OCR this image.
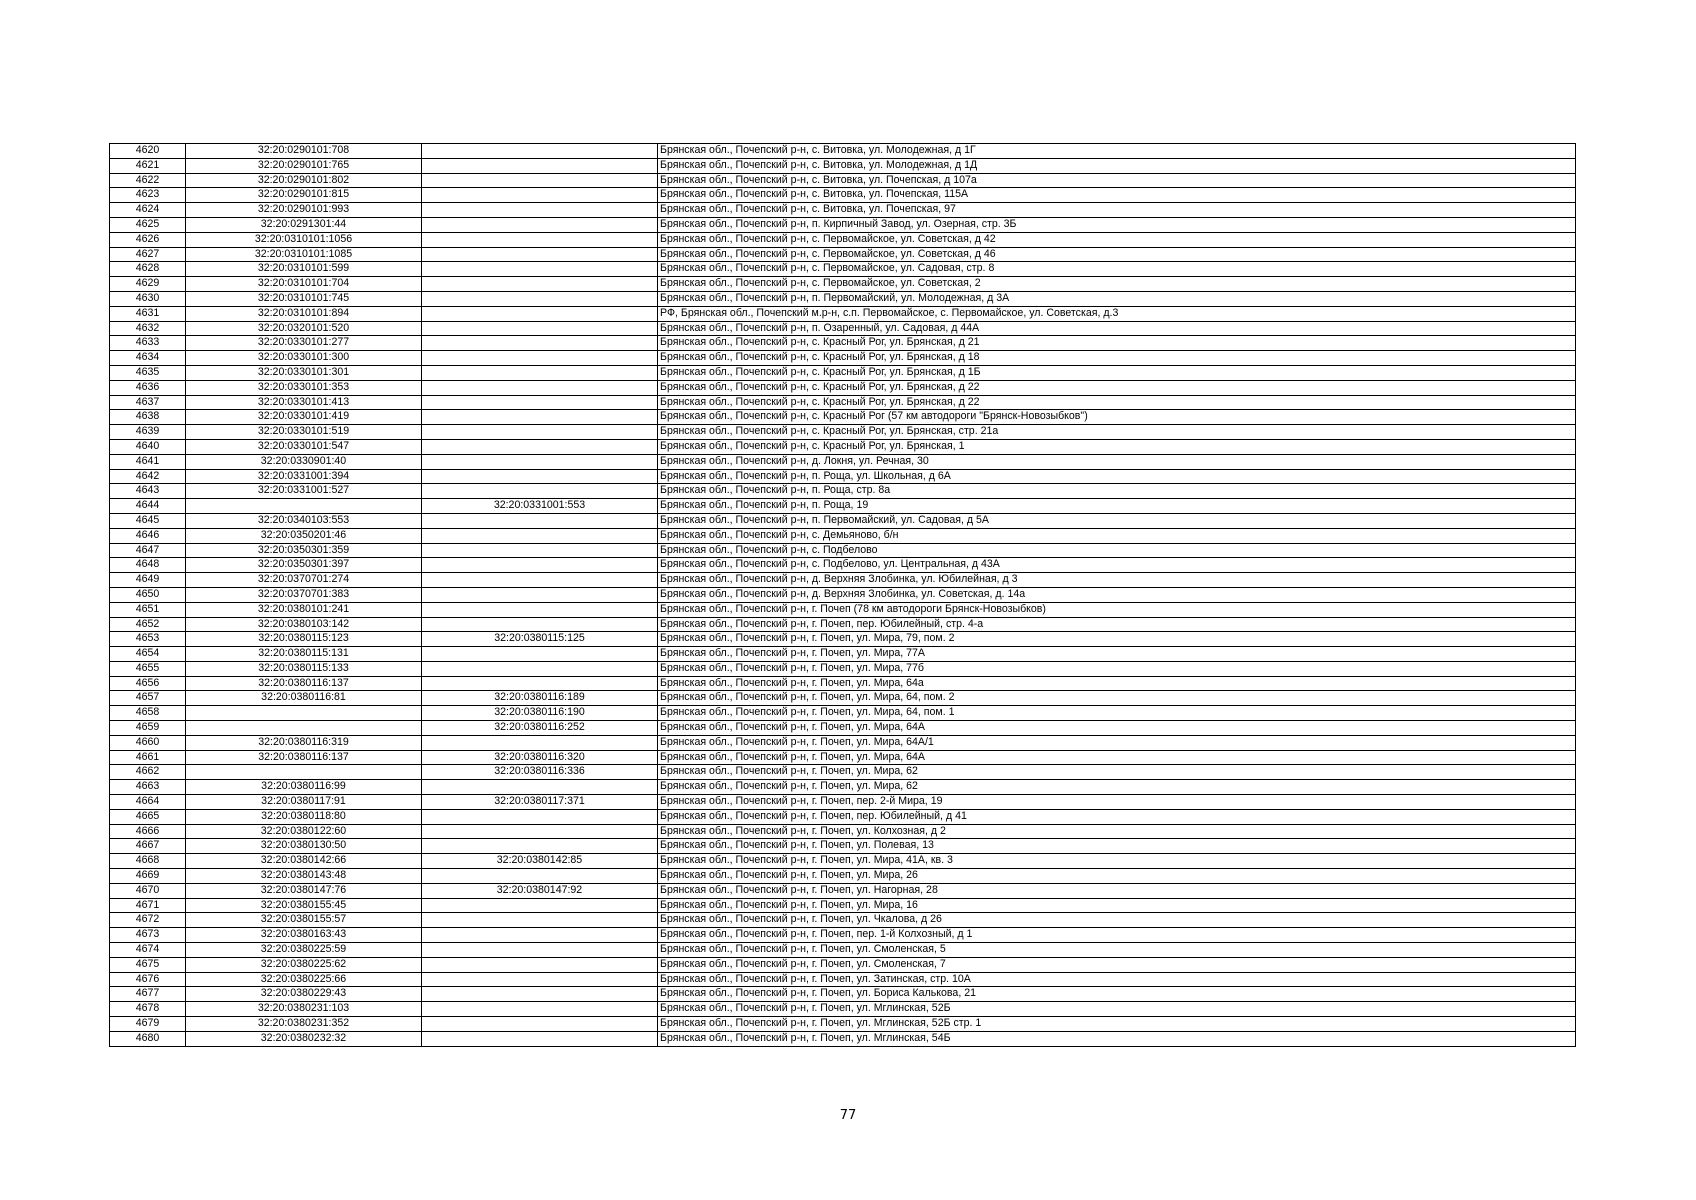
4620	32:20:0290101:708		Брянская обл., Почепский р-н, с. Витовка, ул. Молодежная, д 1Г
4621	32:20:0290101:765		Брянская обл., Почепский р-н, с. Витовка, ул. Молодежная, д 1Д
4622	32:20:0290101:802		Брянская обл., Почепский р-н, с. Витовка, ул. Почепская, д 107а
4623	32:20:0290101:815		Брянская обл., Почепский р-н, с. Витовка, ул. Почепская, 115А
4624	32:20:0290101:993		Брянская обл., Почепский р-н, с. Витовка, ул. Почепская, 97
4625	32:20:0291301:44		Брянская обл., Почепский р-н, п. Кирпичный Завод, ул. Озерная, стр. 3Б
4626	32:20:0310101:1056		Брянская обл., Почепский р-н, с. Первомайское, ул. Советская, д 42
4627	32:20:0310101:1085		Брянская обл., Почепский р-н, с. Первомайское, ул. Советская, д 46
4628	32:20:0310101:599		Брянская обл., Почепский р-н, с. Первомайское, ул. Садовая, стр. 8
4629	32:20:0310101:704		Брянская обл., Почепский р-н, с. Первомайское, ул. Советская, 2
4630	32:20:0310101:745		Брянская обл., Почепский р-н, п. Первомайский, ул. Молодежная, д 3А
4631	32:20:0310101:894		РФ, Брянская обл., Почепский м.р-н, с.п. Первомайское, с. Первомайское, ул. Советская, д.3
4632	32:20:0320101:520		Брянская обл., Почепский р-н, п. Озаренный, ул. Садовая, д 44А
4633	32:20:0330101:277		Брянская обл., Почепский р-н, с. Красный Рог, ул. Брянская, д 21
4634	32:20:0330101:300		Брянская обл., Почепский р-н, с. Красный Рог, ул. Брянская, д 18
4635	32:20:0330101:301		Брянская обл., Почепский р-н, с. Красный Рог, ул. Брянская, д 1Б
4636	32:20:0330101:353		Брянская обл., Почепский р-н, с. Красный Рог, ул. Брянская, д 22
4637	32:20:0330101:413		Брянская обл., Почепский р-н, с. Красный Рог, ул. Брянская, д 22
4638	32:20:0330101:419		Брянская обл., Почепский р-н, с. Красный Рог (57 км автодороги "Брянск-Новозыбков")
4639	32:20:0330101:519		Брянская обл., Почепский р-н, с. Красный Рог, ул. Брянская, стр. 21а
4640	32:20:0330101:547		Брянская обл., Почепский р-н, с. Красный Рог, ул. Брянская, 1
4641	32:20:0330901:40		Брянская обл., Почепский р-н, д. Локня, ул. Речная, 30
4642	32:20:0331001:394		Брянская обл., Почепский р-н, п. Роща, ул. Школьная, д 6А
4643	32:20:0331001:527		Брянская обл., Почепский р-н, п. Роща, стр. 8а
4644		32:20:0331001:553	Брянская обл., Почепский р-н, п. Роща, 19
4645	32:20:0340103:553		Брянская обл., Почепский р-н, п. Первомайский, ул. Садовая, д 5А
4646	32:20:0350201:46		Брянская обл., Почепский р-н, с. Демьяново, б/н
4647	32:20:0350301:359		Брянская обл., Почепский р-н, с. Подбелово
4648	32:20:0350301:397		Брянская обл., Почепский р-н, с. Подбелово, ул. Центральная, д 43А
4649	32:20:0370701:274		Брянская обл., Почепский р-н, д. Верхняя Злобинка, ул. Юбилейная, д 3
4650	32:20:0370701:383		Брянская обл., Почепский р-н, д. Верхняя Злобинка, ул. Советская, д. 14а
4651	32:20:0380101:241		Брянская обл., Почепский р-н, г. Почеп (78 км автодороги Брянск-Новозыбков)
4652	32:20:0380103:142		Брянская обл., Почепский р-н, г. Почеп, пер. Юбилейный, стр. 4-а
4653	32:20:0380115:123	32:20:0380115:125	Брянская обл., Почепский р-н, г. Почеп, ул. Мира, 79, пом. 2
4654	32:20:0380115:131		Брянская обл., Почепский р-н, г. Почеп, ул. Мира, 77А
4655	32:20:0380115:133		Брянская обл., Почепский р-н, г. Почеп, ул. Мира, 77б
4656	32:20:0380116:137		Брянская обл., Почепский р-н, г. Почеп, ул. Мира, 64а
4657	32:20:0380116:81	32:20:0380116:189	Брянская обл., Почепский р-н, г. Почеп, ул. Мира, 64, пом. 2
4658		32:20:0380116:190	Брянская обл., Почепский р-н, г. Почеп, ул. Мира, 64, пом. 1
4659		32:20:0380116:252	Брянская обл., Почепский р-н, г. Почеп, ул. Мира, 64А
4660	32:20:0380116:319		Брянская обл., Почепский р-н, г. Почеп, ул. Мира, 64А/1
4661	32:20:0380116:137	32:20:0380116:320	Брянская обл., Почепский р-н, г. Почеп, ул. Мира, 64А
4662		32:20:0380116:336	Брянская обл., Почепский р-н, г. Почеп, ул. Мира, 62
4663	32:20:0380116:99		Брянская обл., Почепский р-н, г. Почеп, ул. Мира, 62
4664	32:20:0380117:91	32:20:0380117:371	Брянская обл., Почепский р-н, г. Почеп, пер. 2-й Мира, 19
4665	32:20:0380118:80		Брянская обл., Почепский р-н, г. Почеп, пер. Юбилейный, д 41
4666	32:20:0380122:60		Брянская обл., Почепский р-н, г. Почеп, ул. Колхозная, д 2
4667	32:20:0380130:50		Брянская обл., Почепский р-н, г. Почеп, ул. Полевая, 13
4668	32:20:0380142:66	32:20:0380142:85	Брянская обл., Почепский р-н, г. Почеп, ул. Мира, 41А, кв. 3
4669	32:20:0380143:48		Брянская обл., Почепский р-н, г. Почеп, ул. Мира, 26
4670	32:20:0380147:76	32:20:0380147:92	Брянская обл., Почепский р-н, г. Почеп, ул. Нагорная, 28
4671	32:20:0380155:45		Брянская обл., Почепский р-н, г. Почеп, ул. Мира, 16
4672	32:20:0380155:57		Брянская обл., Почепский р-н, г. Почеп, ул. Чкалова, д 26
4673	32:20:0380163:43		Брянская обл., Почепский р-н, г. Почеп, пер. 1-й Колхозный, д 1
4674	32:20:0380225:59		Брянская обл., Почепский р-н, г. Почеп, ул. Смоленская, 5
4675	32:20:0380225:62		Брянская обл., Почепский р-н, г. Почеп, ул. Смоленская, 7
4676	32:20:0380225:66		Брянская обл., Почепский р-н, г. Почеп, ул. Затинская, стр. 10А
4677	32:20:0380229:43		Брянская обл., Почепский р-н, г. Почеп, ул. Бориса Калькова, 21
4678	32:20:0380231:103		Брянская обл., Почепский р-н, г. Почеп, ул. Мглинская, 52Б
4679	32:20:0380231:352		Брянская обл., Почепский р-н, г. Почеп, ул. Мглинская, 52Б стр. 1
4680	32:20:0380232:32		Брянская обл., Почепский р-н, г. Почеп, ул. Мглинская, 54Б
77
